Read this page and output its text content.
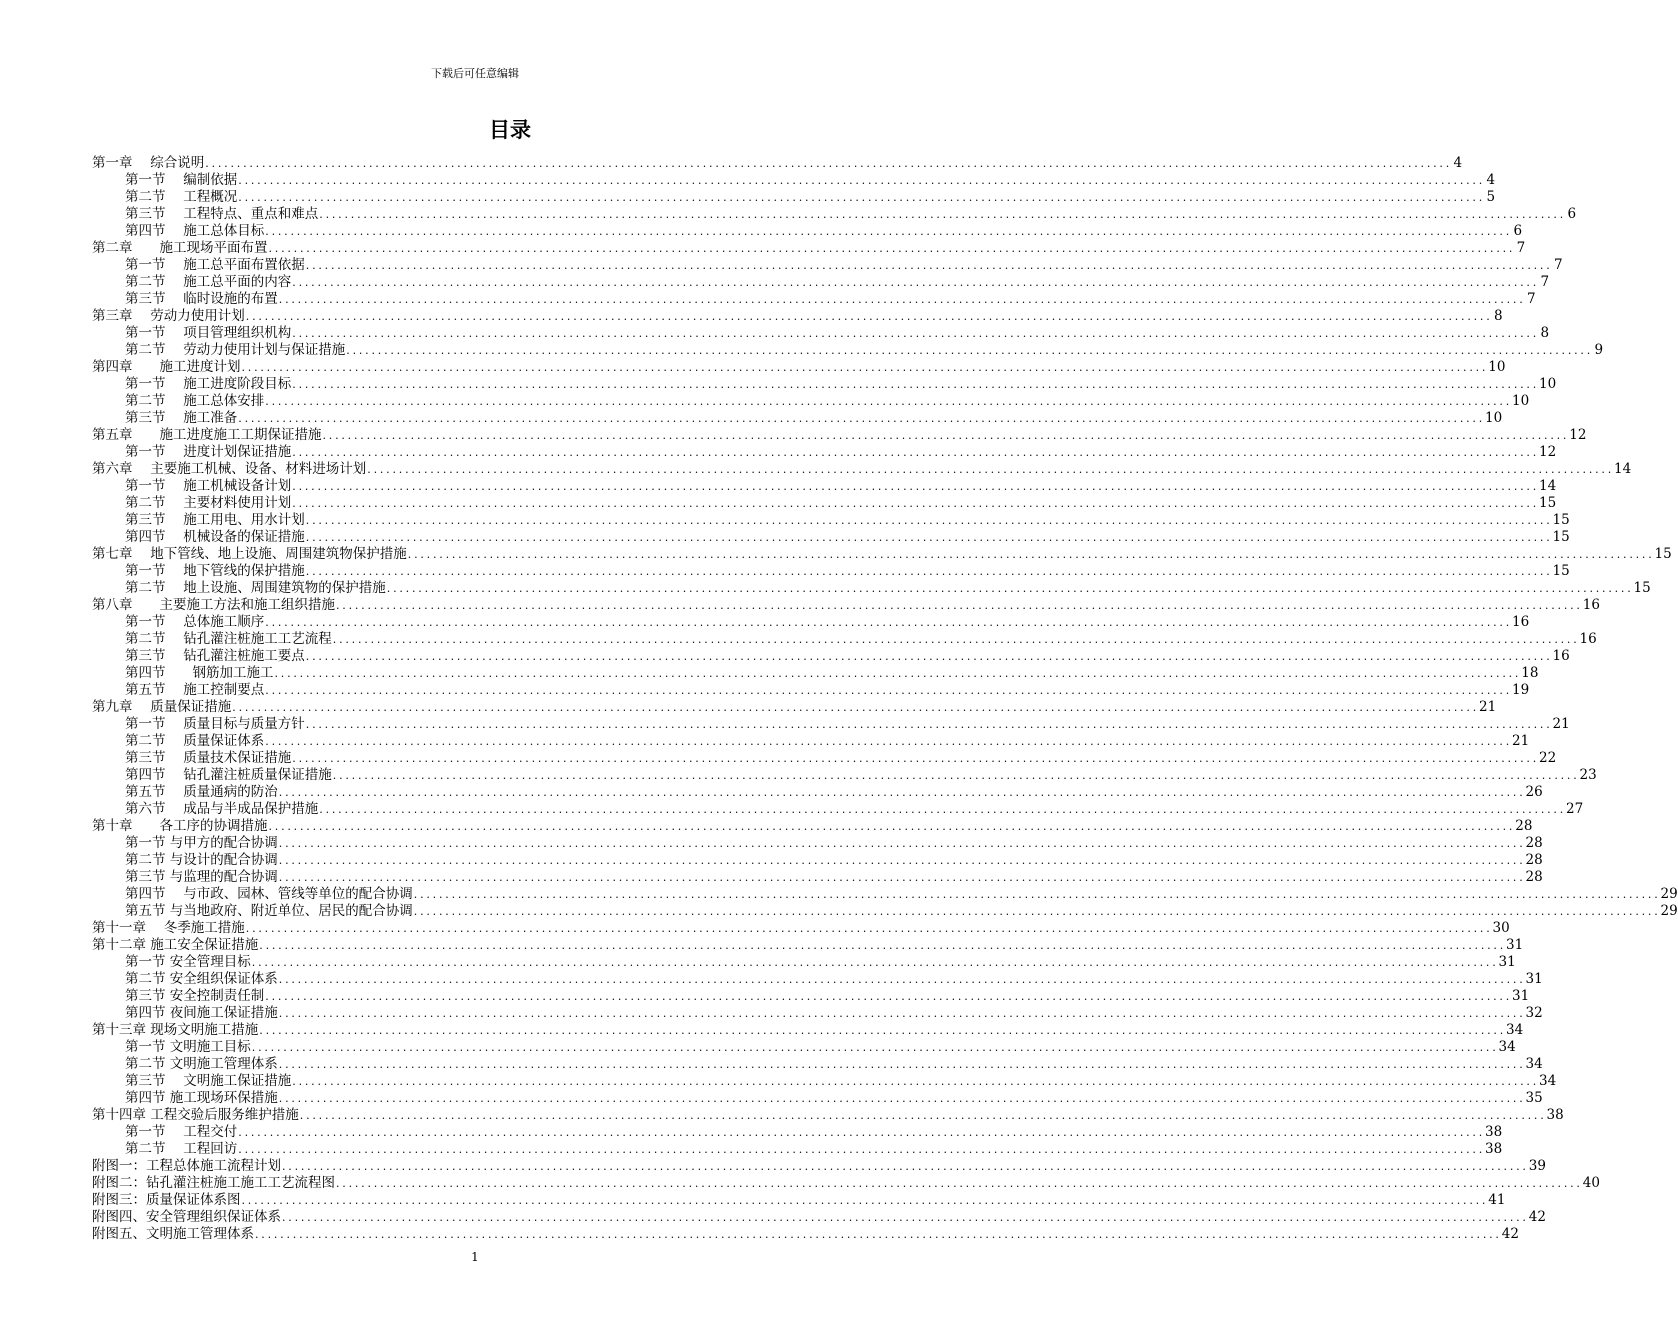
下载后可任意编辑
目录
第一章　 综合说明 ...................................................................................................................................................................................................... 4
第一节　 编制依据 ...................................................................................................................................................................................................... 4
第二节　 工程概况 ...................................................................................................................................................................................................... 5
第三节　 工程特点、重点和难点 ...................................................................................................................................................................................................... 6
第四节　 施工总体目标 ...................................................................................................................................................................................................... 6
第二章　　施工现场平面布置 ...................................................................................................................................................................................................... 7
第一节　 施工总平面布置依据 ...................................................................................................................................................................................................... 7
第二节　 施工总平面的内容 ...................................................................................................................................................................................................... 7
第三节　 临时设施的布置 ...................................................................................................................................................................................................... 7
第三章　 劳动力使用计划 ...................................................................................................................................................................................................... 8
第一节　 项目管理组织机构 ...................................................................................................................................................................................................... 8
第二节　 劳动力使用计划与保证措施 ...................................................................................................................................................................................................... 9
第四章　　施工进度计划 ...................................................................................................................................................................................................... 10
第一节　 施工进度阶段目标 ...................................................................................................................................................................................................... 10
第二节　 施工总体安排 ...................................................................................................................................................................................................... 10
第三节　 施工准备 ...................................................................................................................................................................................................... 10
第五章　　施工进度施工工期保证措施 ...................................................................................................................................................................................................... 12
第一节　 进度计划保证措施 ...................................................................................................................................................................................................... 12
第六章　 主要施工机械、设备、材料进场计划 ...................................................................................................................................................................................................... 14
第一节　 施工机械设备计划 ...................................................................................................................................................................................................... 14
第二节　 主要材料使用计划 ...................................................................................................................................................................................................... 15
第三节　 施工用电、用水计划 ...................................................................................................................................................................................................... 15
第四节　 机械设备的保证措施 ...................................................................................................................................................................................................... 15
第七章　 地下管线、地上设施、周围建筑物保护措施 ...................................................................................................................................................................................................... 15
第一节　 地下管线的保护措施 ...................................................................................................................................................................................................... 15
第二节　 地上设施、周围建筑物的保护措施 ...................................................................................................................................................................................................... 15
第八章　　主要施工方法和施工组织措施 ...................................................................................................................................................................................................... 16
第一节　 总体施工顺序 ...................................................................................................................................................................................................... 16
第二节　 钻孔灌注桩施工工艺流程 ...................................................................................................................................................................................................... 16
第三节　 钻孔灌注桩施工要点 ...................................................................................................................................................................................................... 16
第四节　　钢筋加工施工 ...................................................................................................................................................................................................... 18
第五节　 施工控制要点 ...................................................................................................................................................................................................... 19
第九章　 质量保证措施 ...................................................................................................................................................................................................... 21
第一节　 质量目标与质量方针 ...................................................................................................................................................................................................... 21
第二节　 质量保证体系 ...................................................................................................................................................................................................... 21
第三节　 质量技术保证措施 ...................................................................................................................................................................................................... 22
第四节　 钻孔灌注桩质量保证措施 ...................................................................................................................................................................................................... 23
第五节　 质量通病的防治 ...................................................................................................................................................................................................... 26
第六节　 成品与半成品保护措施 ...................................................................................................................................................................................................... 27
第十章　　各工序的协调措施 ...................................................................................................................................................................................................... 28
第一节 与甲方的配合协调 ...................................................................................................................................................................................................... 28
第二节 与设计的配合协调 ...................................................................................................................................................................................................... 28
第三节 与监理的配合协调 ...................................................................................................................................................................................................... 28
第四节　 与市政、园林、管线等单位的配合协调 ...................................................................................................................................................................................................... 29
第五节 与当地政府、附近单位、居民的配合协调 ...................................................................................................................................................................................................... 29
第十一章　 冬季施工措施 ...................................................................................................................................................................................................... 30
第十二章 施工安全保证措施 ...................................................................................................................................................................................................... 31
第一节 安全管理目标 ...................................................................................................................................................................................................... 31
第二节 安全组织保证体系 ...................................................................................................................................................................................................... 31
第三节 安全控制责任制 ...................................................................................................................................................................................................... 31
第四节 夜间施工保证措施 ...................................................................................................................................................................................................... 32
第十三章 现场文明施工措施 ...................................................................................................................................................................................................... 34
第一节 文明施工目标 ...................................................................................................................................................................................................... 34
第二节 文明施工管理体系 ...................................................................................................................................................................................................... 34
第三节　 文明施工保证措施 ...................................................................................................................................................................................................... 34
第四节 施工现场环保措施 ...................................................................................................................................................................................................... 35
第十四章 工程交验后服务维护措施 ...................................................................................................................................................................................................... 38
第一节　 工程交付 ...................................................................................................................................................................................................... 38
第二节　 工程回访 ...................................................................................................................................................................................................... 38
附图一：工程总体施工流程计划 ...................................................................................................................................................................................................... 39
附图二：钻孔灌注桩施工施工工艺流程图 ...................................................................................................................................................................................................... 40
附图三：质量保证体系图 ...................................................................................................................................................................................................... 41
附图四、安全管理组织保证体系 ...................................................................................................................................................................................................... 42
附图五、文明施工管理体系 ...................................................................................................................................................................................................... 42
1
